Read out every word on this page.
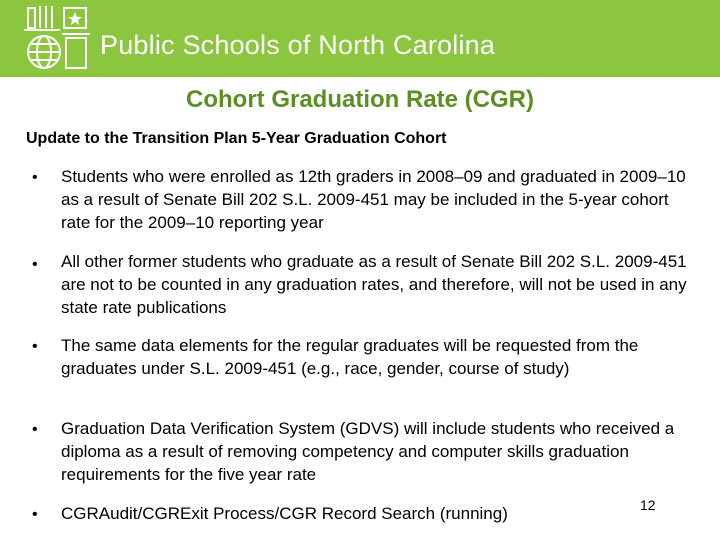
Public Schools of North Carolina
Cohort Graduation Rate (CGR)
Update to the Transition Plan 5-Year Graduation Cohort
• Students who were enrolled as 12th graders in 2008–09 and graduated in 2009–10 as a result of Senate Bill 202 S.L. 2009-451 may be included in the 5-year cohort rate for the 2009–10 reporting year
• All other former students who graduate as a result of Senate Bill 202 S.L. 2009-451 are not to be counted in any graduation rates, and therefore, will not be used in any state rate publications
• The same data elements for the regular graduates will be requested from the graduates under S.L. 2009-451 (e.g., race, gender, course of study)
• Graduation Data Verification System (GDVS) will include students who received a diploma as a result of removing competency and computer skills graduation requirements for the five year rate
• CGRAudit/CGRExit Process/CGR Record Search (running)	12
